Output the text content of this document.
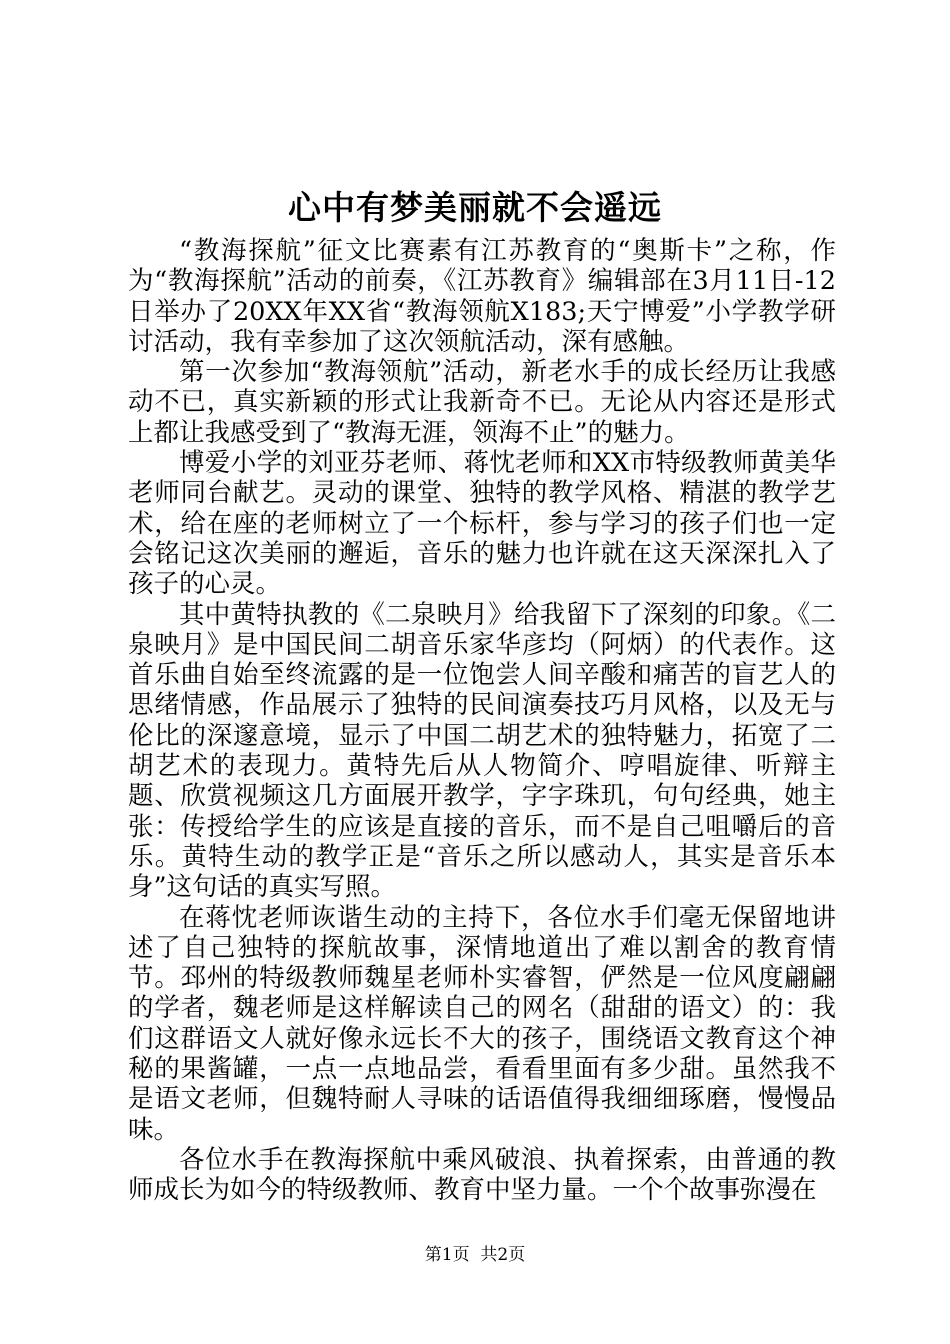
心中有梦美丽就不会遥远

“教海探航”征文比赛素有江苏教育的“奥斯卡”之称，作为“教海探航”活动的前奏，《江苏教育》编辑部在3月11日-12日举办了20XX年XX省“教海领航X183;天宁博爱”小学教学研讨活动，我有幸参加了这次领航活动，深有感触。

第一次参加“教海领航”活动，新老水手的成长经历让我感动不已，真实新颖的形式让我新奇不已。无论从内容还是形式上都让我感受到了“教海无涯，领海不止”的魅力。

博爱小学的刘亚芬老师、蒋忱老师和XX市特级教师黄美华老师同台献艺。灵动的课堂、独特的教学风格、精湛的教学艺术，给在座的老师树立了一个标杆，参与学习的孩子们也一定会铭记这次美丽的邂逅，音乐的魅力也许就在这天深深扎入了孩子的心灵。

其中黄特执教的《二泉映月》给我留下了深刻的印象。《二泉映月》是中国民间二胡音乐家华彦均（阿炳）的代表作。这首乐曲自始至终流露的是一位饱尝人间辛酸和痛苦的盲艺人的思绪情感，作品展示了独特的民间演奏技巧月风格，以及无与伦比的深邃意境，显示了中国二胡艺术的独特魅力，拓宽了二胡艺术的表现力。黄特先后从人物简介、哼唱旋律、听辩主题、欣赏视频这几方面展开教学，字字珠玑，句句经典，她主张：传授给学生的应该是直接的音乐，而不是自己咀嚼后的音乐。黄特生动的教学正是“音乐之所以感动人，其实是音乐本身”这句话的真实写照。

在蒋忱老师诙谐生动的主持下，各位水手们毫无保留地讲述了自己独特的探航故事，深情地道出了难以割舍的教育情节。邳州的特级教师魏星老师朴实睿智，俨然是一位风度翩翩的学者，魏老师是这样解读自己的网名（甜甜的语文）的：我们这群语文人就好像永远长不大的孩子，围绕语文教育这个神秘的果酱罐，一点一点地品尝，看看里面有多少甜。虽然我不是语文老师，但魏特耐人寻味的话语值得我细细琢磨，慢慢品味。

各位水手在教海探航中乘风破浪、执着探索，由普通的教师成长为如今的特级教师、教育中坚力量。一个个故事弥漫在

第1页 共2页
